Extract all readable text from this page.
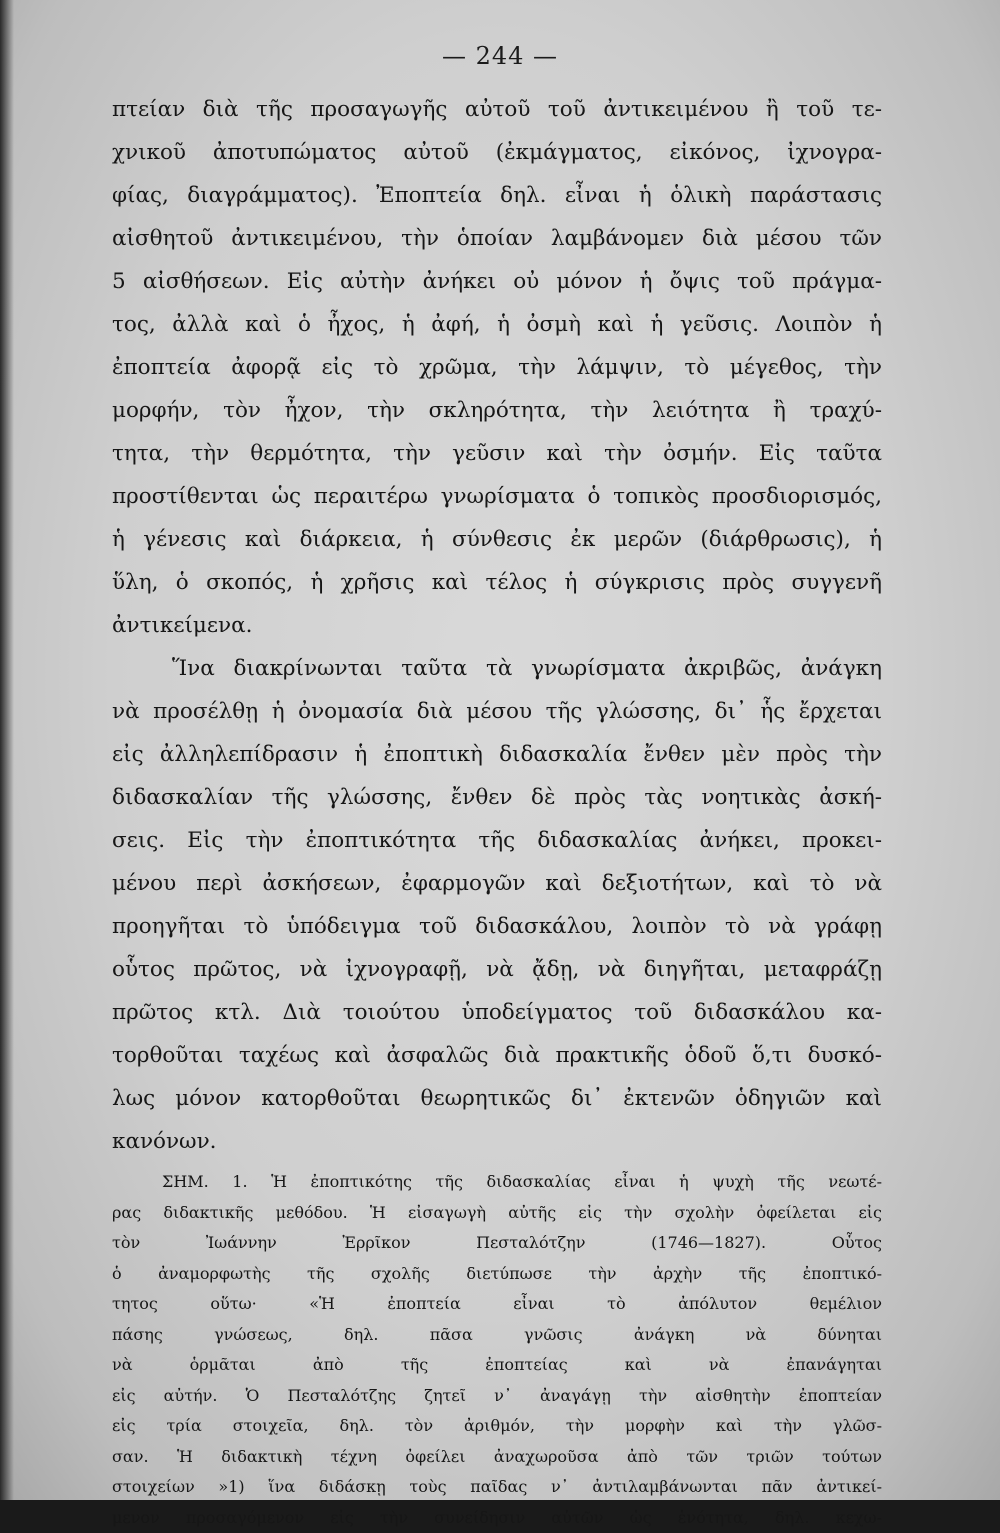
— 244 —
πτείαν διὰ τῆς προσαγωγῆς αὐτοῦ τοῦ ἀντικειμένου ἢ τοῦ τε-
χνικοῦ ἀποτυπώματος αὐτοῦ (ἐκμάγματος, εἰκόνος, ἰχνογρα-
φίας, διαγράμματος). Ἐποπτεία δηλ. εἶναι ἡ ὁλικὴ παράστασις
αἰσθητοῦ ἀντικειμένου, τὴν ὁποίαν λαμβάνομεν διὰ μέσου τῶν
5 αἰσθήσεων. Εἰς αὐτὴν ἀνήκει οὐ μόνον ἡ ὄψις τοῦ πράγμα-
τος, ἀλλὰ καὶ ὁ ἦχος, ἡ ἀφή, ἡ ὀσμὴ καὶ ἡ γεῦσις. Λοιπὸν ἡ
ἐποπτεία ἀφορᾷ εἰς τὸ χρῶμα, τὴν λάμψιν, τὸ μέγεθος, τὴν
μορφήν, τὸν ἦχον, τὴν σκληρότητα, τὴν λειότητα ἢ τραχύ-
τητα, τὴν θερμότητα, τὴν γεῦσιν καὶ τὴν ὀσμήν. Εἰς ταῦτα
προστίθενται ὡς περαιτέρω γνωρίσματα ὁ τοπικὸς προσδιορισμός,
ἡ γένεσις καὶ διάρκεια, ἡ σύνθεσις ἐκ μερῶν (διάρθρωσις), ἡ
ὕλη, ὁ σκοπός, ἡ χρῆσις καὶ τέλος ἡ σύγκρισις πρὸς συγγενῆ
ἀντικείμενα.
Ἵνα διακρίνωνται ταῦτα τὰ γνωρίσματα ἀκριβῶς, ἀνάγκη
νὰ προσέλθῃ ἡ ὀνομασία διὰ μέσου τῆς γλώσσης, δι᾿ ἧς ἔρχεται
εἰς ἀλληλεπίδρασιν ἡ ἐποπτικὴ διδασκαλία ἔνθεν μὲν πρὸς τὴν
διδασκαλίαν τῆς γλώσσης, ἔνθεν δὲ πρὸς τὰς νοητικὰς ἀσκή-
σεις. Εἰς τὴν ἐποπτικότητα τῆς διδασκαλίας ἀνήκει, προκει-
μένου περὶ ἀσκήσεων, ἐφαρμογῶν καὶ δεξιοτήτων, καὶ τὸ νὰ
προηγῆται τὸ ὑπόδειγμα τοῦ διδασκάλου, λοιπὸν τὸ νὰ γράφῃ
οὗτος πρῶτος, νὰ ἰχνογραφῇ, νὰ ᾄδῃ, νὰ διηγῆται, μεταφράζῃ
πρῶτος κτλ. Διὰ τοιούτου ὑποδείγματος τοῦ διδασκάλου κα-
τορθοῦται ταχέως καὶ ἀσφαλῶς διὰ πρακτικῆς ὁδοῦ ὅ,τι δυσκό-
λως μόνον κατορθοῦται θεωρητικῶς δι᾿ ἐκτενῶν ὁδηγιῶν καὶ
κανόνων.
ΣΗΜ. 1. Ἡ ἐποπτικότης τῆς διδασκαλίας εἶναι ἡ ψυχὴ τῆς νεωτέ-
ρας διδακτικῆς μεθόδου. Ἡ εἰσαγωγὴ αὐτῆς εἰς τὴν σχολὴν ὀφείλεται εἰς
τὸν Ἰωάννην Ἐρρῖκον Πεσταλότζην (1746—1827). Οὗτος
ὁ ἀναμορφωτὴς τῆς σχολῆς διετύπωσε τὴν ἀρχὴν τῆς ἐποπτικό-
τητος οὕτω· «Ἡ ἐποπτεία εἶναι τὸ ἀπόλυτον θεμέλιον
πάσης γνώσεως, δηλ. πᾶσα γνῶσις ἀνάγκη νὰ δύνηται
νὰ ὁρμᾶται ἀπὸ τῆς ἐποπτείας καὶ νὰ ἐπανάγηται
εἰς αὐτήν. Ὁ Πεσταλότζης ζητεῖ ν᾿ ἀναγάγῃ τὴν αἰσθητὴν ἐποπτείαν
εἰς τρία στοιχεῖα, δηλ. τὸν ἀριθμόν, τὴν μορφὴν καὶ τὴν γλῶσ-
σαν. Ἡ διδακτικὴ τέχνη ὀφείλει ἀναχωροῦσα ἀπὸ τῶν τριῶν τούτων
στοιχείων »1) ἵνα διδάσκῃ τοὺς παῖδας ν᾿ ἀντιλαμβάνωνται πᾶν ἀντικεί-
μενον προσαγόμενον εἰς τὴν συνείδησιν αὐτῶν ὡς ἑνότητα, δηλ. κεχω-
